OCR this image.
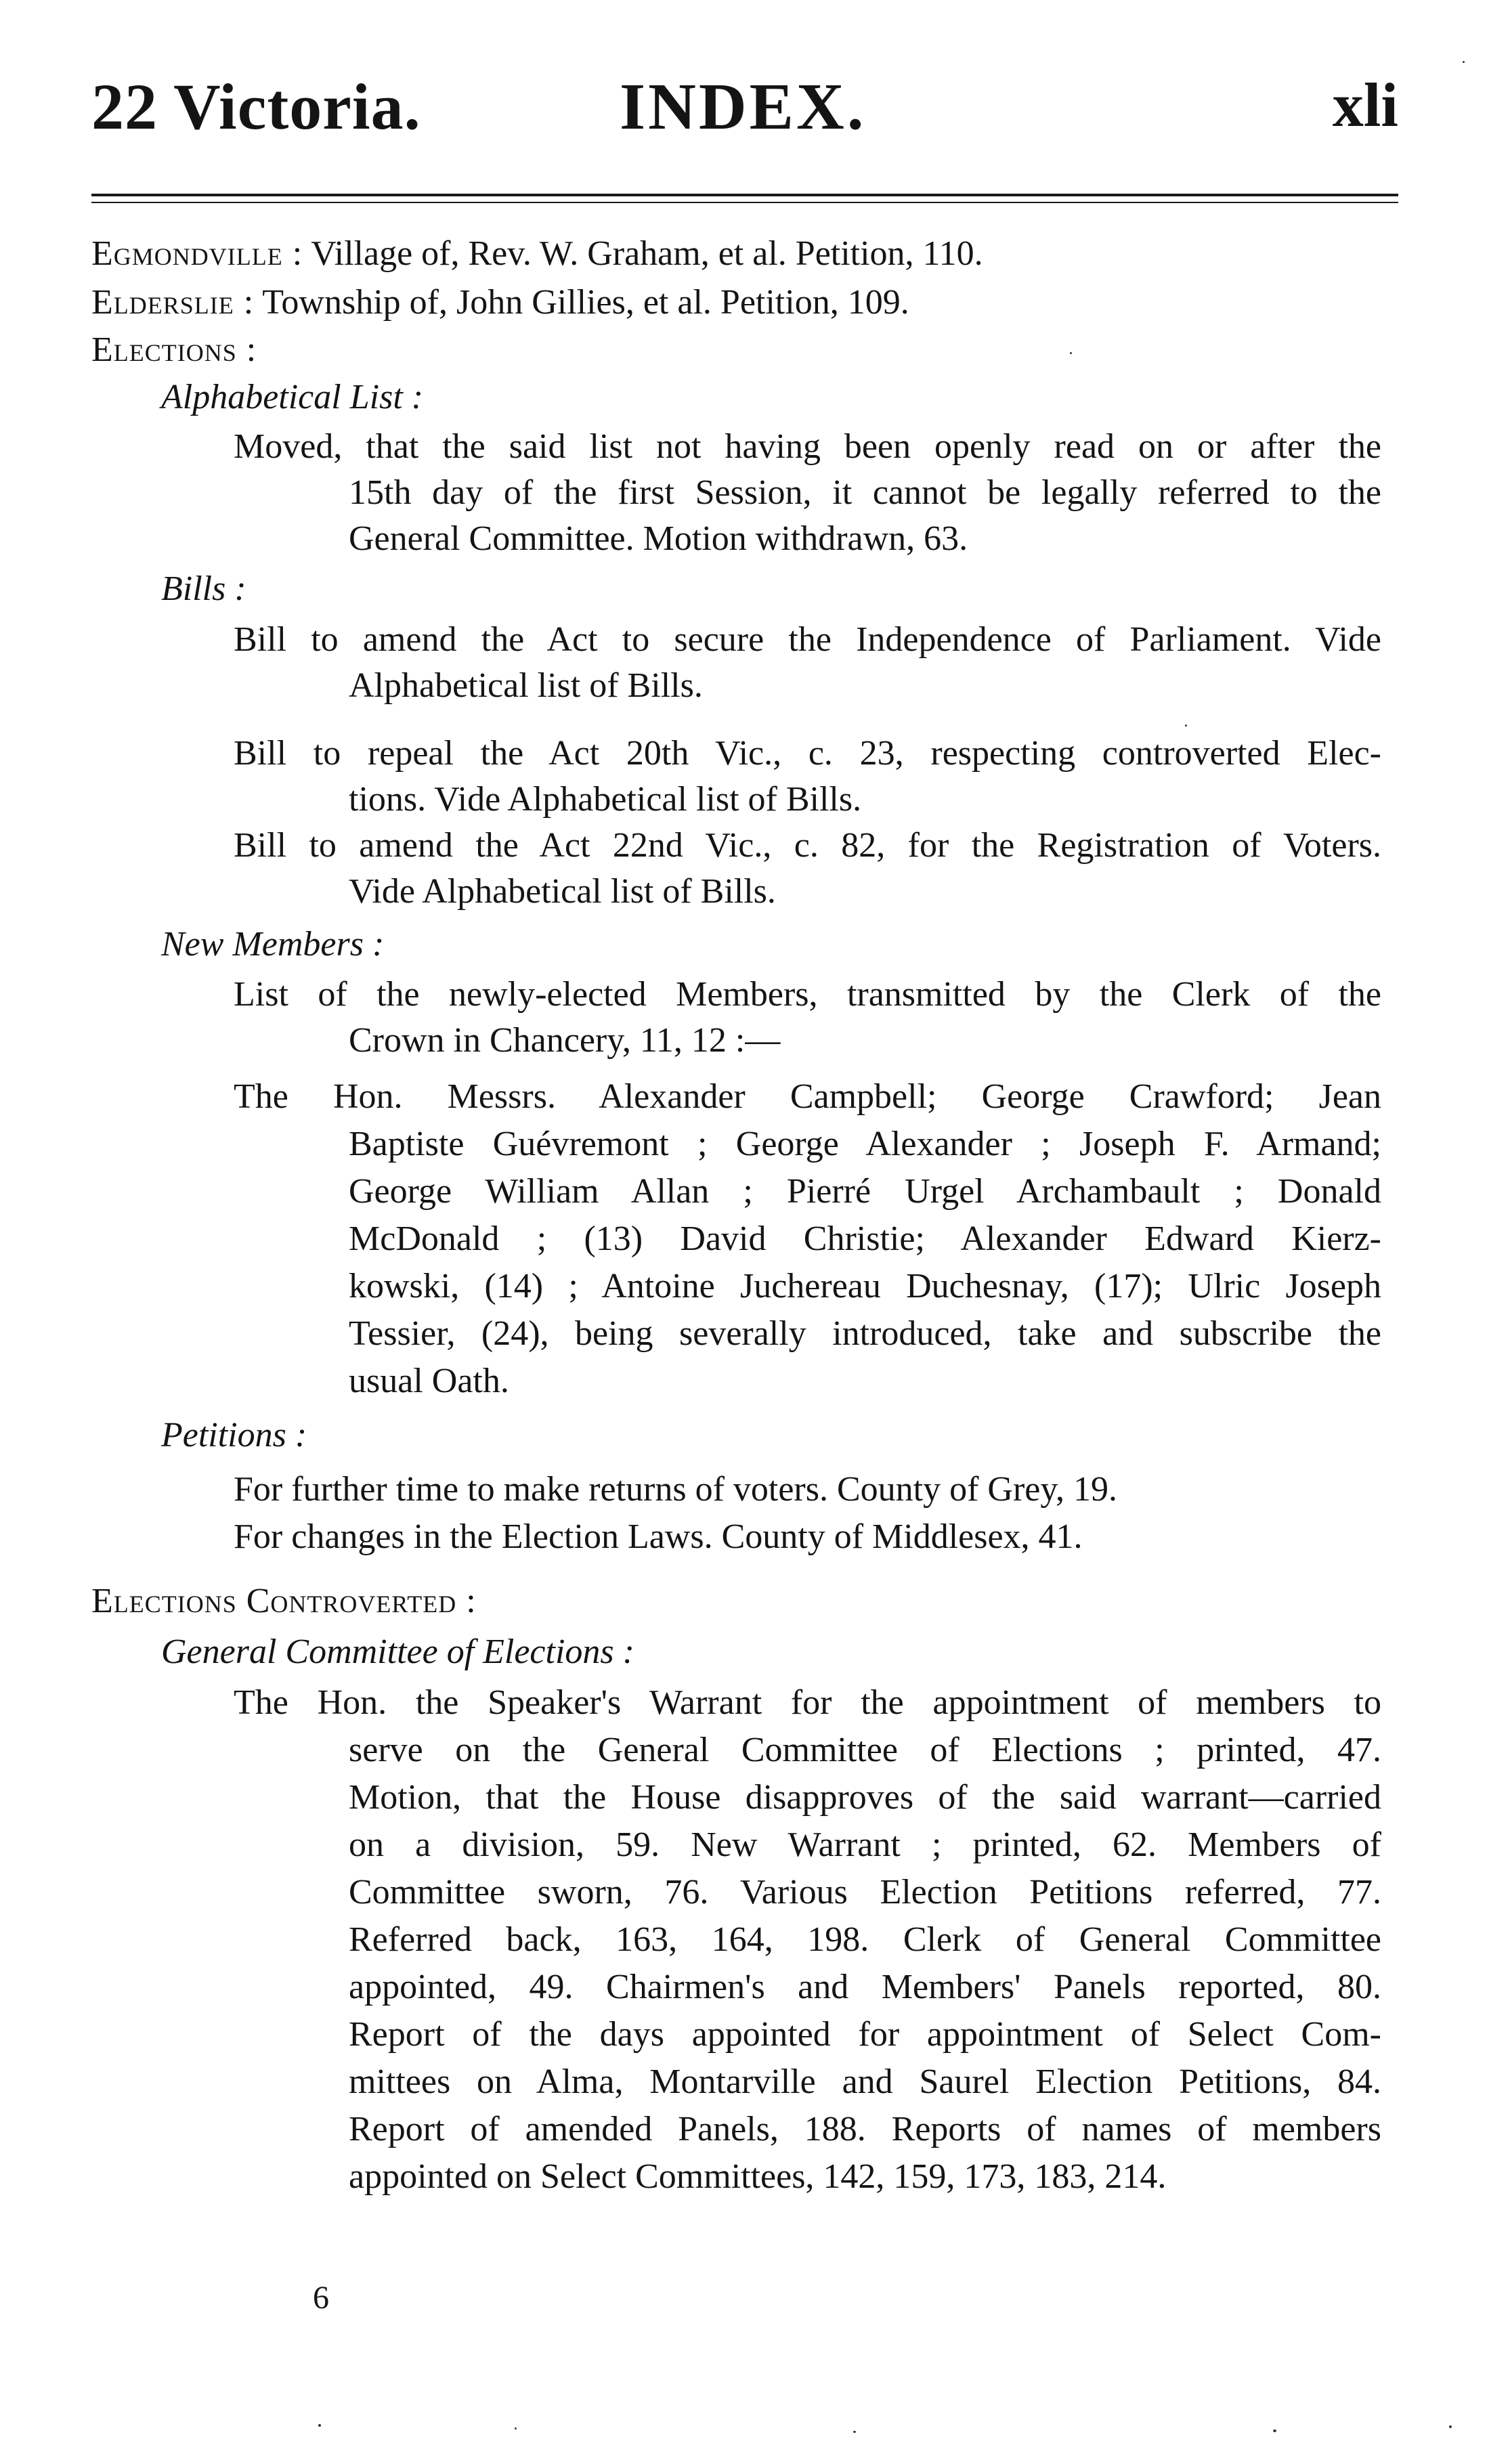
22 Victoria.	INDEX.	xli
Egmondville : Village of, Rev. W. Graham, et al. Petition, 110.
Elderslie : Township of, John Gillies, et al. Petition, 109.
Elections :
Alphabetical List :
Moved, that the said list not having been openly read on or after the
15th day of the first Session, it cannot be legally referred to the
General Committee. Motion withdrawn, 63.
Bills :
Bill to amend the Act to secure the Independence of Parliament. Vide
Alphabetical list of Bills.
Bill to repeal the Act 20th Vic., c. 23, respecting controverted Elec-
tions. Vide Alphabetical list of Bills.
Bill to amend the Act 22nd Vic., c. 82, for the Registration of Voters.
Vide Alphabetical list of Bills.
New Members :
List of the newly-elected Members, transmitted by the Clerk of the
Crown in Chancery, 11, 12 :—
The Hon. Messrs. Alexander Campbell; George Crawford; Jean
Baptiste Guévremont ; George Alexander ; Joseph F. Armand;
George William Allan ; Pierré Urgel Archambault ; Donald
McDonald ; (13) David Christie; Alexander Edward Kierz-
kowski, (14) ; Antoine Juchereau Duchesnay, (17); Ulric Joseph
Tessier, (24), being severally introduced, take and subscribe the
usual Oath.
Petitions :
For further time to make returns of voters. County of Grey, 19.
For changes in the Election Laws. County of Middlesex, 41.
Elections Controverted :
General Committee of Elections :
The Hon. the Speaker's Warrant for the appointment of members to
serve on the General Committee of Elections ; printed, 47.
Motion, that the House disapproves of the said warrant—carried
on a division, 59. New Warrant ; printed, 62. Members of
Committee sworn, 76. Various Election Petitions referred, 77.
Referred back, 163, 164, 198. Clerk of General Committee
appointed, 49. Chairmen's and Members' Panels reported, 80.
Report of the days appointed for appointment of Select Com-
mittees on Alma, Montarville and Saurel Election Petitions, 84.
Report of amended Panels, 188. Reports of names of members
appointed on Select Committees, 142, 159, 173, 183, 214.
6
